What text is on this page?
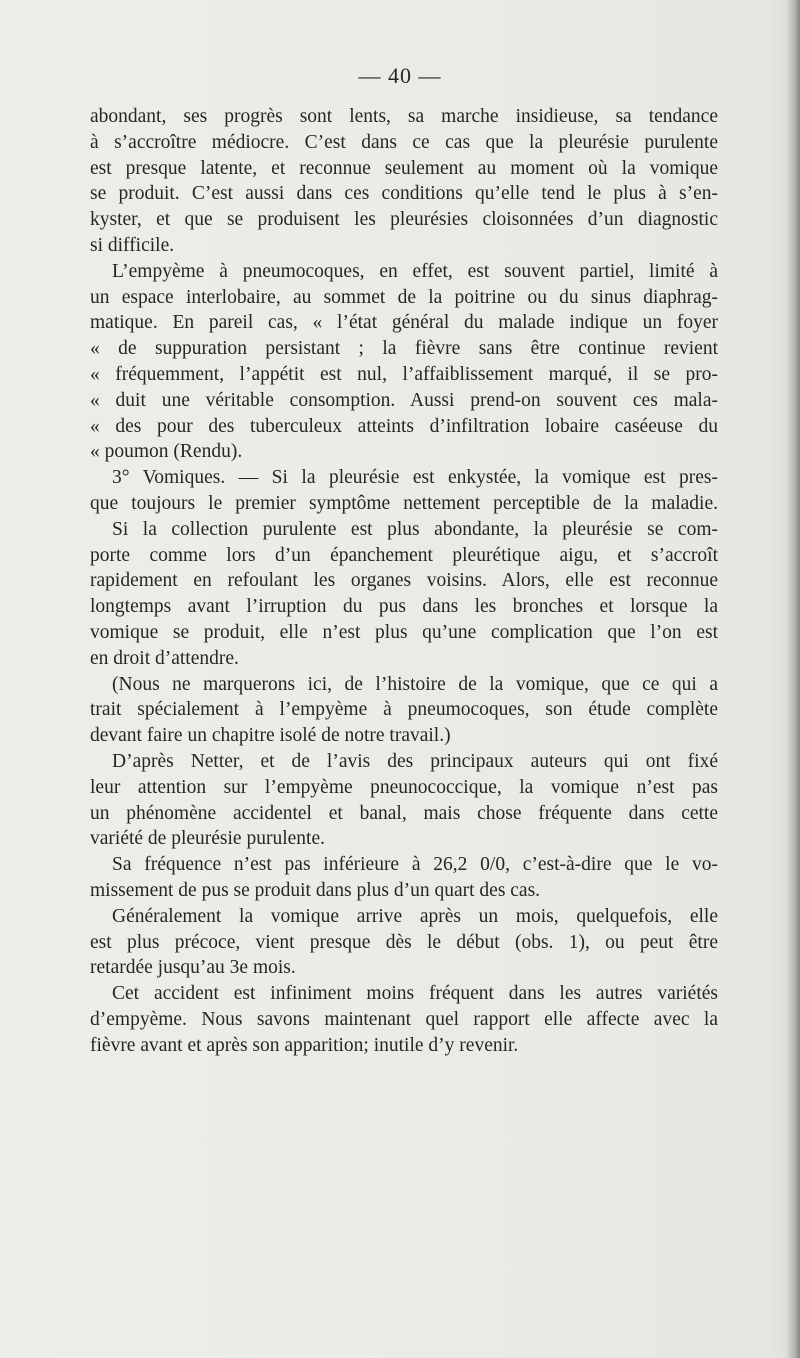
— 40 —
abondant, ses progrès sont lents, sa marche insidieuse, sa tendance
à s’accroître médiocre. C’est dans ce cas que la pleurésie purulente
est presque latente, et reconnue seulement au moment où la vomique
se produit. C’est aussi dans ces conditions qu’elle tend le plus à s’en-
kyster, et que se produisent les pleurésies cloisonnées d’un diagnostic
si difficile.
L’empyème à pneumocoques, en effet, est souvent partiel, limité à
un espace interlobaire, au sommet de la poitrine ou du sinus diaphrag-
matique. En pareil cas, « l’état général du malade indique un foyer
« de suppuration persistant ; la fièvre sans être continue revient
« fréquemment, l’appétit est nul, l’affaiblissement marqué, il se pro-
« duit une véritable consomption. Aussi prend-on souvent ces mala-
« des pour des tuberculeux atteints d’infiltration lobaire caséeuse du
« poumon (Rendu).
3° Vomiques. — Si la pleurésie est enkystée, la vomique est pres-
que toujours le premier symptôme nettement perceptible de la maladie.
Si la collection purulente est plus abondante, la pleurésie se com-
porte comme lors d’un épanchement pleurétique aigu, et s’accroît
rapidement en refoulant les organes voisins. Alors, elle est reconnue
longtemps avant l’irruption du pus dans les bronches et lorsque la
vomique se produit, elle n’est plus qu’une complication que l’on est
en droit d’attendre.
(Nous ne marquerons ici, de l’histoire de la vomique, que ce qui a
trait spécialement à l’empyème à pneumocoques, son étude complète
devant faire un chapitre isolé de notre travail.)
D’après Netter, et de l’avis des principaux auteurs qui ont fixé
leur attention sur l’empyème pneunococcique, la vomique n’est pas
un phénomène accidentel et banal, mais chose fréquente dans cette
variété de pleurésie purulente.
Sa fréquence n’est pas inférieure à 26,2 0/0, c’est-à-dire que le vo-
missement de pus se produit dans plus d’un quart des cas.
Généralement la vomique arrive après un mois, quelquefois, elle
est plus précoce, vient presque dès le début (obs. 1), ou peut être
retardée jusqu’au 3e mois.
Cet accident est infiniment moins fréquent dans les autres variétés
d’empyème. Nous savons maintenant quel rapport elle affecte avec la
fièvre avant et après son apparition; inutile d’y revenir.
